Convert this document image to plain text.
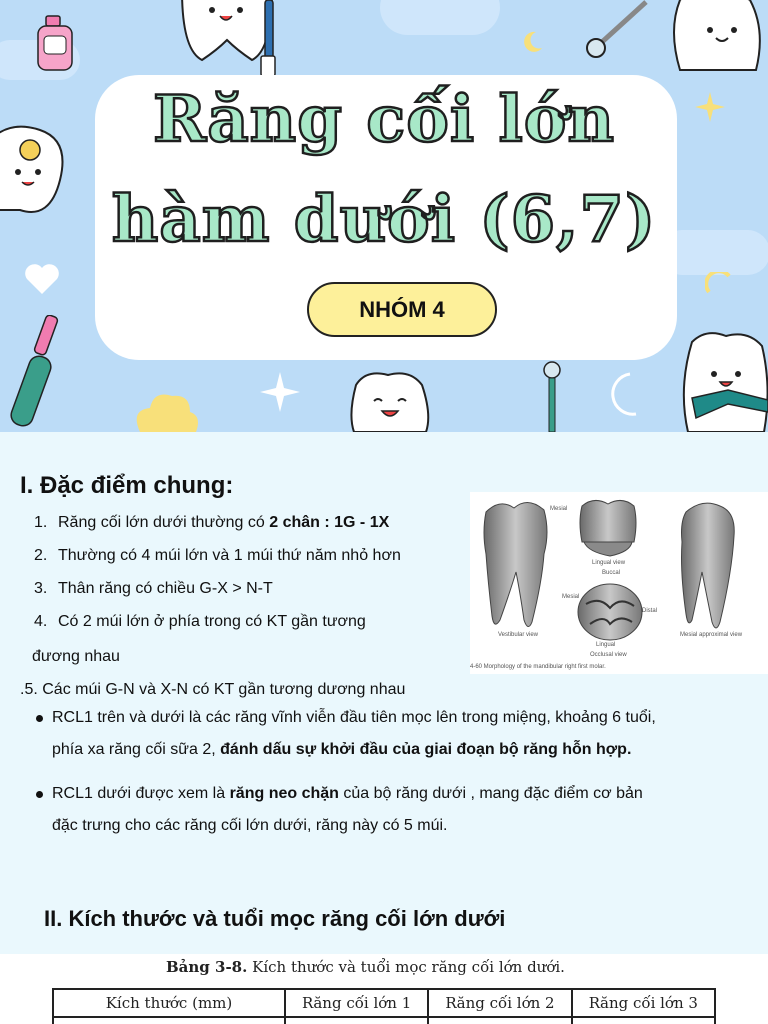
Răng cối lớn
hàm dưới (6,7)
NHÓM 4
I. Đặc điểm chung:
1. Răng cối lớn dưới thường có 2 chân : 1G - 1X
2. Thường có 4 múi lớn và 1 múi thứ năm nhỏ hơn
3. Thân răng có chiều G-X > N-T
4. Có 2 múi lớn ở phía trong có KT gần tương
đương nhau
.5. Các múi G-N và X-N có KT gần tương dương nhau
RCL1 trên và dưới là các răng vĩnh viễn đầu tiên mọc lên trong miệng, khoảng 6 tuổi,
phía xa răng cối sữa 2, đánh dấu sự khởi đầu của giai đoạn bộ răng hỗn hợp.
RCL1 dưới được xem là răng neo chặn của bộ răng dưới , mang đặc điểm cơ bản
đặc trưng cho các răng cối lớn dưới, răng này có 5 múi.
Mesial
Lingual view
Buccal
Mesial
Distal
Lingual
Vestibular view
Occlusal view
Mesial approximal view
4-60 Morphology of the mandibular right first molar.
II. Kích thước và tuổi mọc răng cối lớn dưới
Bảng 3-8. Kích thước và tuổi mọc răng cối lớn dưới.
Kích thước (mm)	Răng cối lớn 1	Răng cối lớn 2	Răng cối lớn 3
